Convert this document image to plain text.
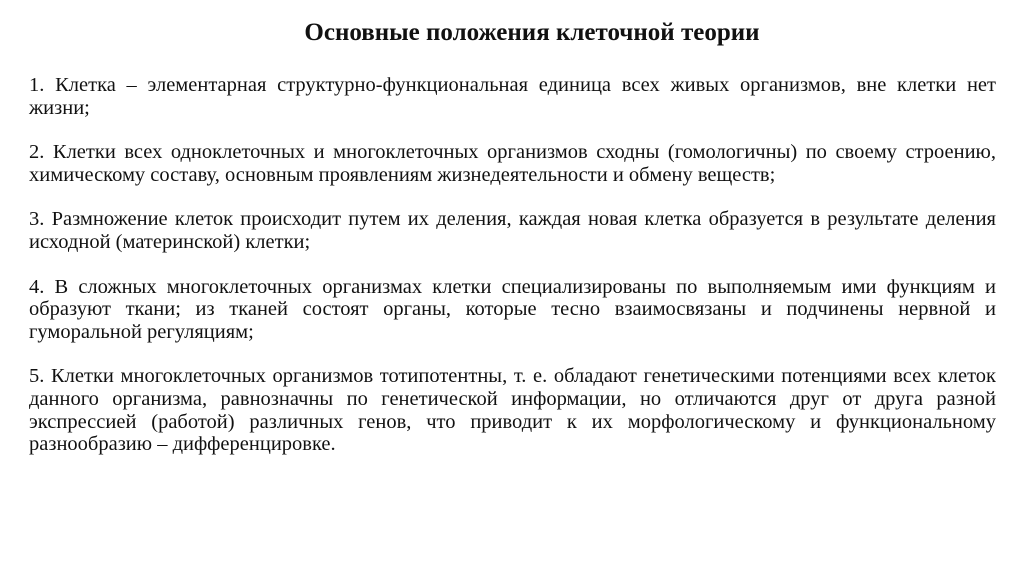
Основные положения клеточной теории

1. Клетка – элементарная структурно-функциональная единица всех живых организмов, вне клетки нет жизни;

2. Клетки всех одноклеточных и многоклеточных организмов сходны (гомологичны) по своему строению, химическому составу, основным проявлениям жизнедеятельности и обмену веществ;

3. Размножение клеток происходит путем их деления, каждая новая клетка образуется в результате деления исходной (материнской) клетки;

4. В сложных многоклеточных организмах клетки специализированы по выполняемым ими функциям и образуют ткани; из тканей состоят органы, которые тесно взаимосвязаны и подчинены нервной и гуморальной регуляциям;

5. Клетки многоклеточных организмов тотипотентны, т. е. обладают генетическими потенциями всех клеток данного организма, равнозначны по генетической информации, но отличаются друг от друга разной экспрессией (работой) различных генов, что приводит к их морфологическому и функциональному разнообразию – дифференцировке.
